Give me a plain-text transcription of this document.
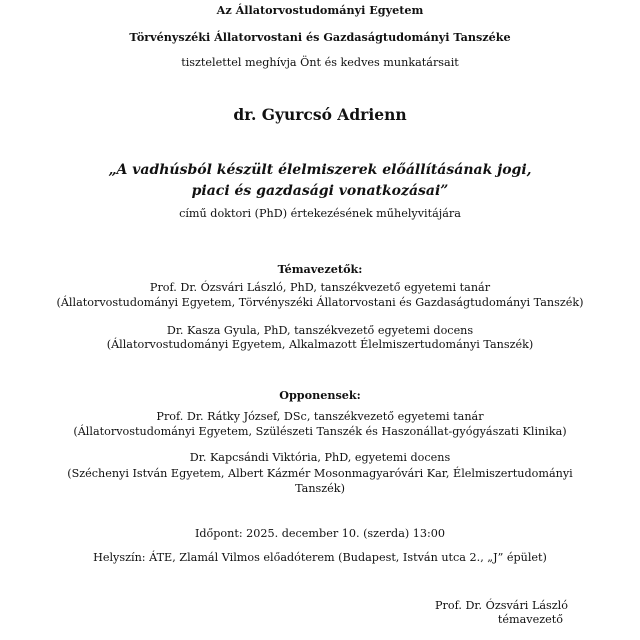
Az Állatorvostudományi Egyetem
Törvényszéki Állatorvostani és Gazdaságtudományi Tanszéke
tisztelettel meghívja Önt és kedves munkatársait
dr. Gyurcsó Adrienn
„A vadhúsból készült élelmiszerek előállításának jogi, piaci és gazdasági vonatkozásai”
című doktori (PhD) értekezésének műhelyvitájára
Témavezetők:
Prof. Dr. Ózsvári László, PhD, tanszékvezető egyetemi tanár
(Állatorvostudományi Egyetem, Törvényszéki Állatorvostani és Gazdaságtudományi Tanszék)
Dr. Kasza Gyula, PhD, tanszékvezető egyetemi docens
(Állatorvostudományi Egyetem, Alkalmazott Élelmiszertudományi Tanszék)
Opponensek:
Prof. Dr. Rátky József, DSc, tanszékvezető egyetemi tanár
(Állatorvostudományi Egyetem, Szülészeti Tanszék és Haszonállat-gyógyászati Klinika)
Dr. Kapcsándi Viktória, PhD, egyetemi docens
(Széchenyi István Egyetem, Albert Kázmér Mosonmagyaróvári Kar, Élelmiszertudományi Tanszék)
Időpont: 2025. december 10. (szerda) 13:00
Helyszín: ÁTE, Zlamál Vilmos előadóterem (Budapest, István utca 2., „J” épület)
Prof. Dr. Ózsvári László
témavezető
